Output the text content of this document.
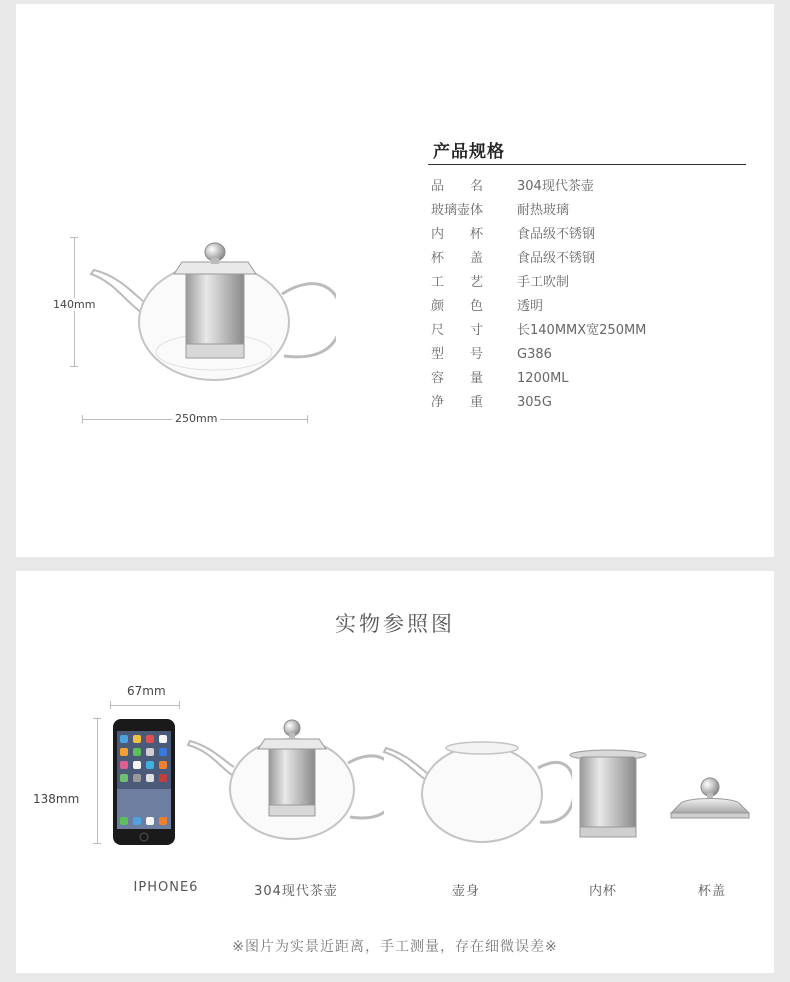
140mm
250mm
产品规格
品　　名	304现代茶壶
玻璃壶体	耐热玻璃
内　　杯	食品级不锈钢
杯　　盖	食品级不锈钢
工　　艺	手工吹制
颜　　色	透明
尺　　寸	长140MMX宽250MM
型　　号	G386
容　　量	1200ML
净　　重	305G
实物参照图
67mm
138mm
IPHONE6	304现代茶壶	壶身	内杯	杯盖
※图片为实景近距离，手工测量，存在细微误差※
